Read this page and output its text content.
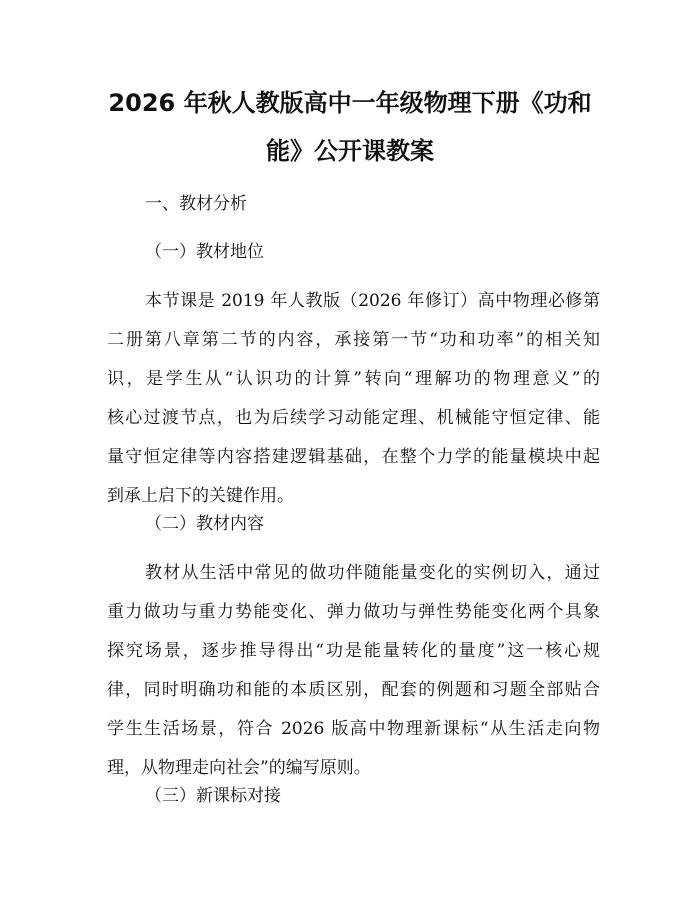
2026 年秋人教版高中一年级物理下册《功和
能》公开课教案

一、教材分析

（一）教材地位

本节课是 2019 年人教版（2026 年修订）高中物理必修第
二册第八章第二节的内容，承接第一节“功和功率”的相关知
识，是学生从“认识功的计算”转向“理解功的物理意义”的
核心过渡节点，也为后续学习动能定理、机械能守恒定律、能
量守恒定律等内容搭建逻辑基础，在整个力学的能量模块中起
到承上启下的关键作用。

（二）教材内容

教材从生活中常见的做功伴随能量变化的实例切入，通过
重力做功与重力势能变化、弹力做功与弹性势能变化两个具象
探究场景，逐步推导得出“功是能量转化的量度”这一核心规
律，同时明确功和能的本质区别，配套的例题和习题全部贴合
学生生活场景，符合 2026 版高中物理新课标“从生活走向物
理，从物理走向社会”的编写原则。

（三）新课标对接
